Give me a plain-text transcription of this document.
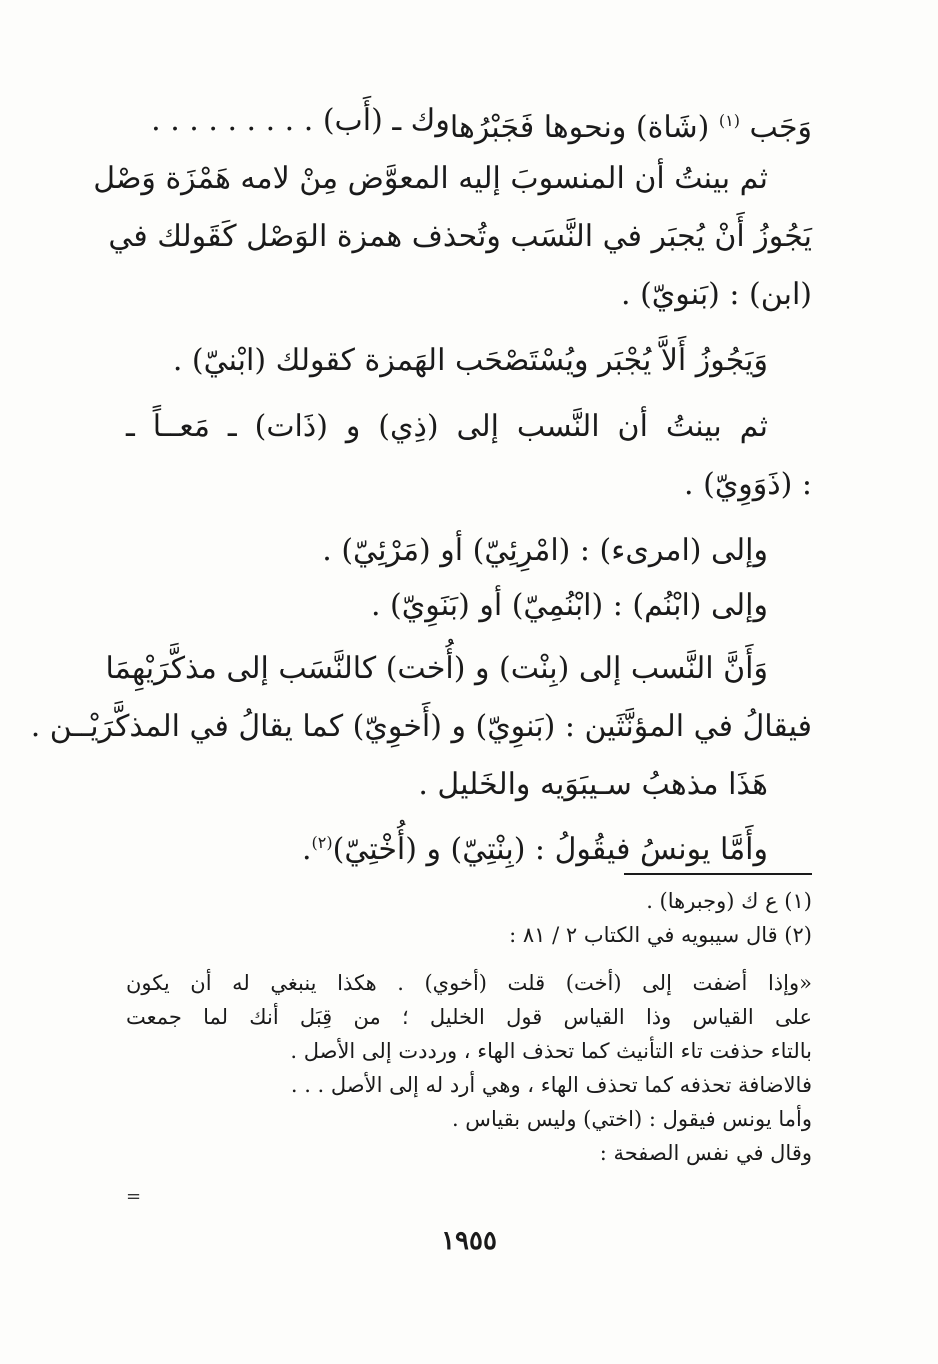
وَجَب $^{(١)}$ (شَاة) ونحوها فَجَبْرُها
وك ـ (أَب) . . . . . . . . .
ثم بينتُ أن المنسوبَ إليه المعوَّض مِنْ لامه هَمْزَة وَصْل
يَجُوزُ أَنْ يُجبَر في النَّسَب وتُحذف همزة الوَصْل كَقَولك في
(ابن) : (بَنويّ) .
وَيَجُوزُ أَلاَّ يُجْبَر ويُسْتَصْحَب الهَمزة كقولك (ابْنيّ) .
ثم بينتُ أن النَّسب إلى (ذِي) و (ذَات) ـ مَعــاً ـ
: (ذَوَوِيّ) .
وإلى (امرىء) : (امْرِئِيّ) أو (مَرْئِيّ) .
وإلى (ابْنُم) : (ابْنُمِيّ) أو (بَنَوِيّ) .
وَأَنَّ النَّسب إلى (بِنْت) و (أُخت) كالنَّسَب إلى مذكَّرَيْهِمَا
فيقالُ في المؤنَّثَين : (بَنوِيّ) و (أَخوِيّ) كما يقالُ في المذكَّرَيْــن .
هَذَا مذهبُ سـيبَوَيه والخَليل .
وأَمَّا يونسُ فيقُولُ : (بِنْتِيّ) و (أُخْتِيّ)$^{(٢)}$.
(١) ع ك (وجبرها) .
(٢) قال سيبويه في الكتاب ٢ / ٨١ :
«وإذا أضفت إلى (أخت) قلت (أخوي) . هكذا ينبغي له أن يكون
على القياس وذا القياس قول الخليل ؛ من قِبَل أنك لما جمعت
بالتاء حذفت تاء التأنيث كما تحذف الهاء ، ورددت إلى الأصل .
فالاضافة تحذفه كما تحذف الهاء ، وهي أرد له إلى الأصل . . .
وأما يونس فيقول : (اختي) وليس بقياس .
وقال في نفس الصفحة :
=
١٩٥٥
